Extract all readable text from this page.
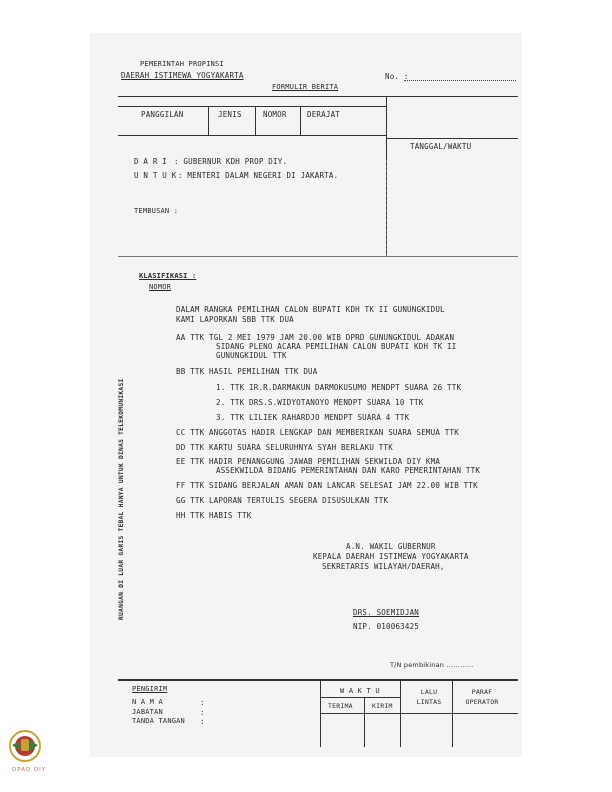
PEMERINTAH PROPINSI
DAERAH ISTIMEWA YOGYAKARTA
FORMULIR BERITA
No. :
PANGGILAN	JENIS	NOMOR	DERAJAT
TANGGAL/WAKTU
D A R I : GUBERNUR KDH PROP DIY.
U N T U K : MENTERI DALAM NEGERI DI JAKARTA.
TEMBUSAN :
KLASIFIKASI :
NOMOR
DALAM RANGKA PEMILIHAN CALON BUPATI KDH TK II GUNUNGKIDUL
KAMI LAPORKAN SBB TTK DUA
AA TTK TGL 2 MEI 1979 JAM 20.00 WIB DPRD GUNUNGKIDUL ADAKAN
SIDANG PLENO ACARA PEMILIHAN CALON BUPATI KDH TK II
GUNUNGKIDUL TTK
BB TTK HASIL PEMILIHAN TTK DUA
1. TTK IR.R.DARMAKUN DARMOKUSUMO MENDPT SUARA 26 TTK
2. TTK DRS.S.WIDYOTANOYO MENDPT SUARA 10 TTK
3. TTK LILIEK RAHARDJO MENDPT SUARA 4 TTK
CC TTK ANGGOTAS HADIR LENGKAP DAN MEMBERIKAN SUARA SEMUA TTK
DD TTK KARTU SUARA SELURUHNYA SYAH BERLAKU TTK
EE TTK HADIR PENANGGUNG JAWAB PEMILIHAN SEKWILDA DIY KMA
ASSEKWILDA BIDANG PEMERINTAHAN DAN KARO PEMERINTAHAN TTK
FF TTK SIDANG BERJALAN AMAN DAN LANCAR SELESAI JAM 22.00 WIB TTK
GG TTK LAPORAN TERTULIS SEGERA DISUSULKAN TTK
HH TTK HABIS TTK
A.N. WAKIL GUBERNUR
KEPALA DAERAH ISTIMEWA YOGYAKARTA
SEKRETARIS WILAYAH/DAERAH,
DRS. SOEMIDJAN
NIP. 010063425
RUANGAN DI LUAR GARIS TEBAL HANYA UNTUK DINAS TELEKOMUNIKASI
T/N pembikinan ............
PENGIRIM
N A M A	:
JABATAN	:
TANDA TANGAN :
W A K T U
TERIMA	KIRIM
LALU LINTAS
PARAF OPERATOR
DPAD DIY
